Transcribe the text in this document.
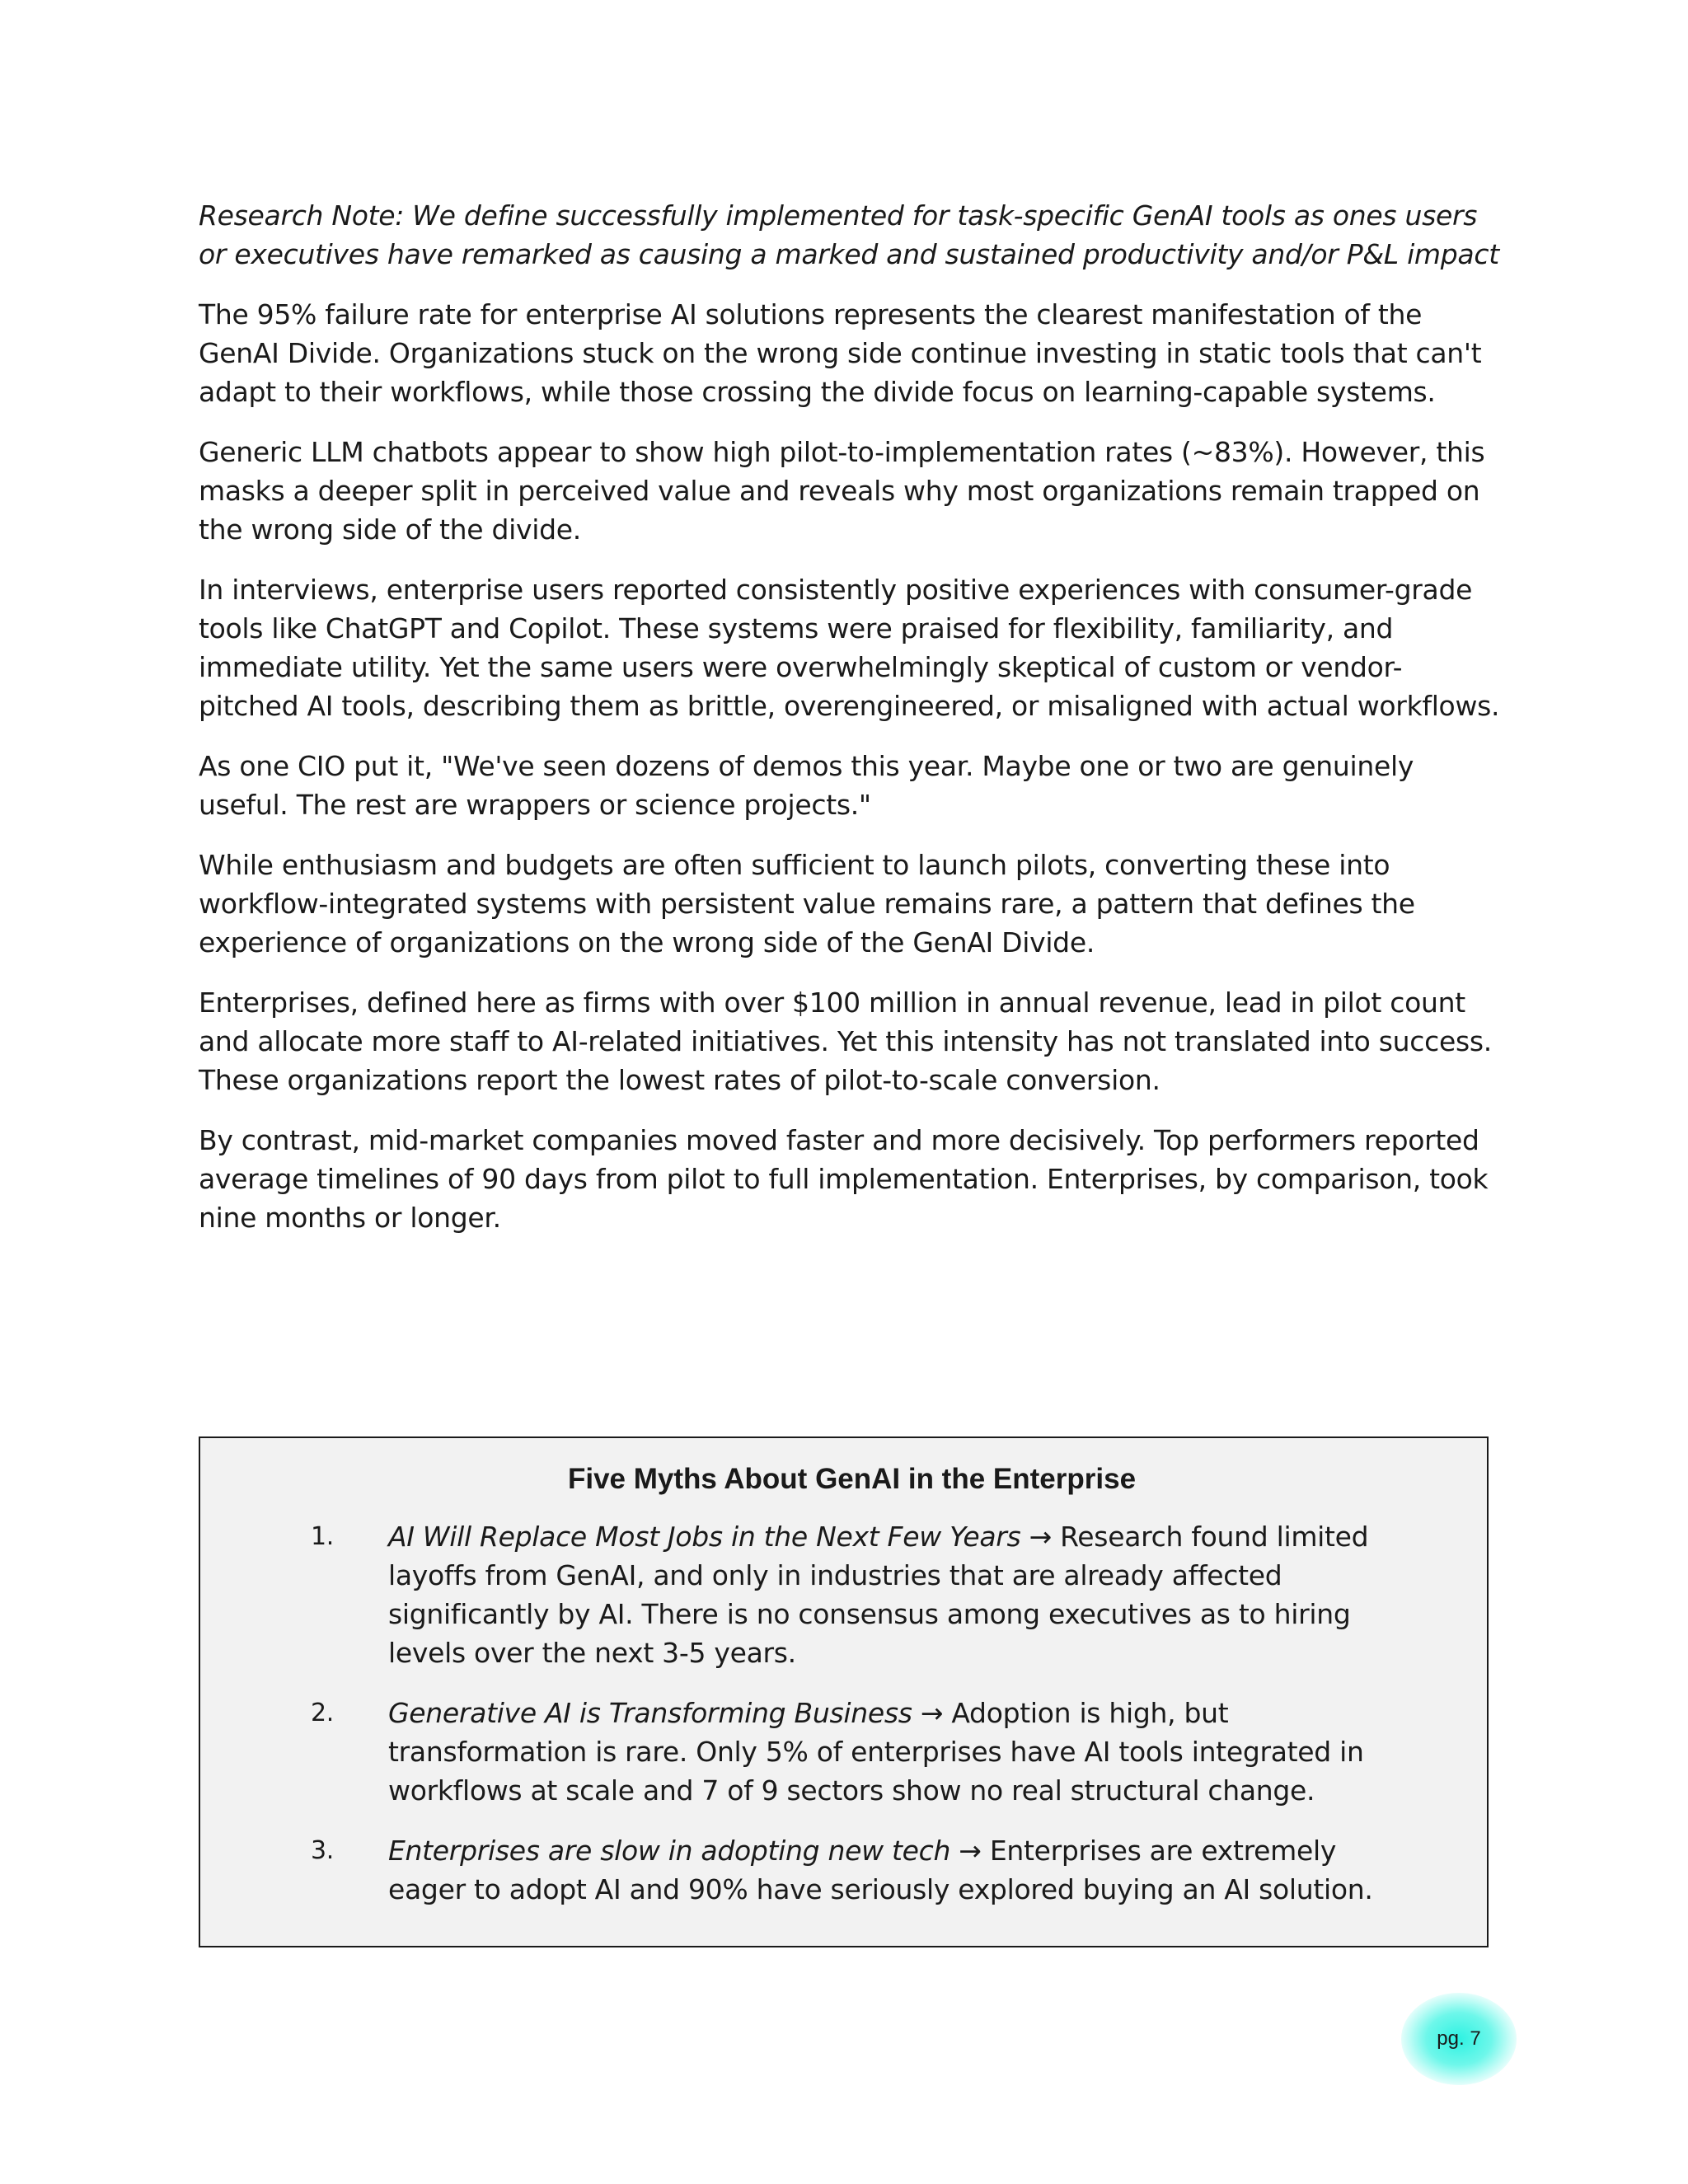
Research Note: We define successfully implemented for task-specific GenAI tools as ones users or executives have remarked as causing a marked and sustained productivity and/or P&L impact

The 95% failure rate for enterprise AI solutions represents the clearest manifestation of the GenAI Divide. Organizations stuck on the wrong side continue investing in static tools that can't adapt to their workflows, while those crossing the divide focus on learning-capable systems.

Generic LLM chatbots appear to show high pilot-to-implementation rates (~83%). However, this masks a deeper split in perceived value and reveals why most organizations remain trapped on the wrong side of the divide.

In interviews, enterprise users reported consistently positive experiences with consumer-grade tools like ChatGPT and Copilot. These systems were praised for flexibility, familiarity, and immediate utility. Yet the same users were overwhelmingly skeptical of custom or vendor-pitched AI tools, describing them as brittle, overengineered, or misaligned with actual workflows.

As one CIO put it, "We've seen dozens of demos this year. Maybe one or two are genuinely useful. The rest are wrappers or science projects."

While enthusiasm and budgets are often sufficient to launch pilots, converting these into workflow-integrated systems with persistent value remains rare, a pattern that defines the experience of organizations on the wrong side of the GenAI Divide.

Enterprises, defined here as firms with over $100 million in annual revenue, lead in pilot count and allocate more staff to AI-related initiatives. Yet this intensity has not translated into success. These organizations report the lowest rates of pilot-to-scale conversion.

By contrast, mid-market companies moved faster and more decisively. Top performers reported average timelines of 90 days from pilot to full implementation. Enterprises, by comparison, took nine months or longer.

Five Myths About GenAI in the Enterprise
1. AI Will Replace Most Jobs in the Next Few Years → Research found limited layoffs from GenAI, and only in industries that are already affected significantly by AI. There is no consensus among executives as to hiring levels over the next 3-5 years.
2. Generative AI is Transforming Business → Adoption is high, but transformation is rare. Only 5% of enterprises have AI tools integrated in workflows at scale and 7 of 9 sectors show no real structural change.
3. Enterprises are slow in adopting new tech → Enterprises are extremely eager to adopt AI and 90% have seriously explored buying an AI solution.
pg. 7
